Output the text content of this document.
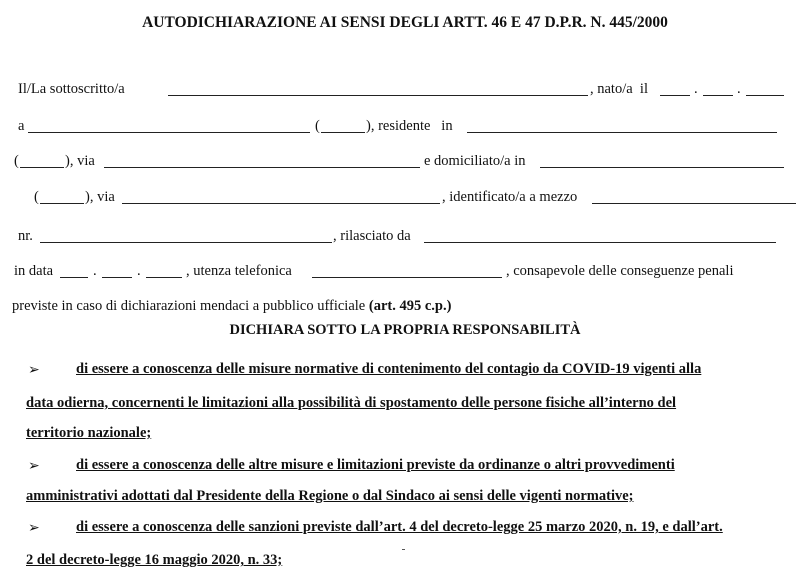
AUTODICHIARAZIONE AI SENSI DEGLI ARTT. 46 E 47 D.P.R. N. 445/2000
Il/La sottoscritto/a	, nato/a  il	.	.
a	(	), residente   in
(	), via	e domiciliato/a in
(	), via	, identificato/a a mezzo
nr.	, rilasciato da
in data	.	.	, utenza telefonica	, consapevole delle conseguenze penali
previste in caso di dichiarazioni mendaci a pubblico ufficiale (art. 495 c.p.)
DICHIARA SOTTO LA PROPRIA RESPONSABILITÀ
➢	di essere a conoscenza delle misure normative di contenimento del contagio da COVID-19 vigenti alla
data odierna, concernenti le limitazioni alla possibilità di spostamento delle persone fisiche all’interno del
territorio nazionale;
➢	di essere a conoscenza delle altre misure e limitazioni previste da ordinanze o altri provvedimenti
amministrativi adottati dal Presidente della Regione o dal Sindaco ai sensi delle vigenti normative;
➢	di essere a conoscenza delle sanzioni previste dall’art. 4 del decreto-legge 25 marzo 2020, n. 19, e dall’art.
2 del decreto-legge 16 maggio 2020, n. 33;
